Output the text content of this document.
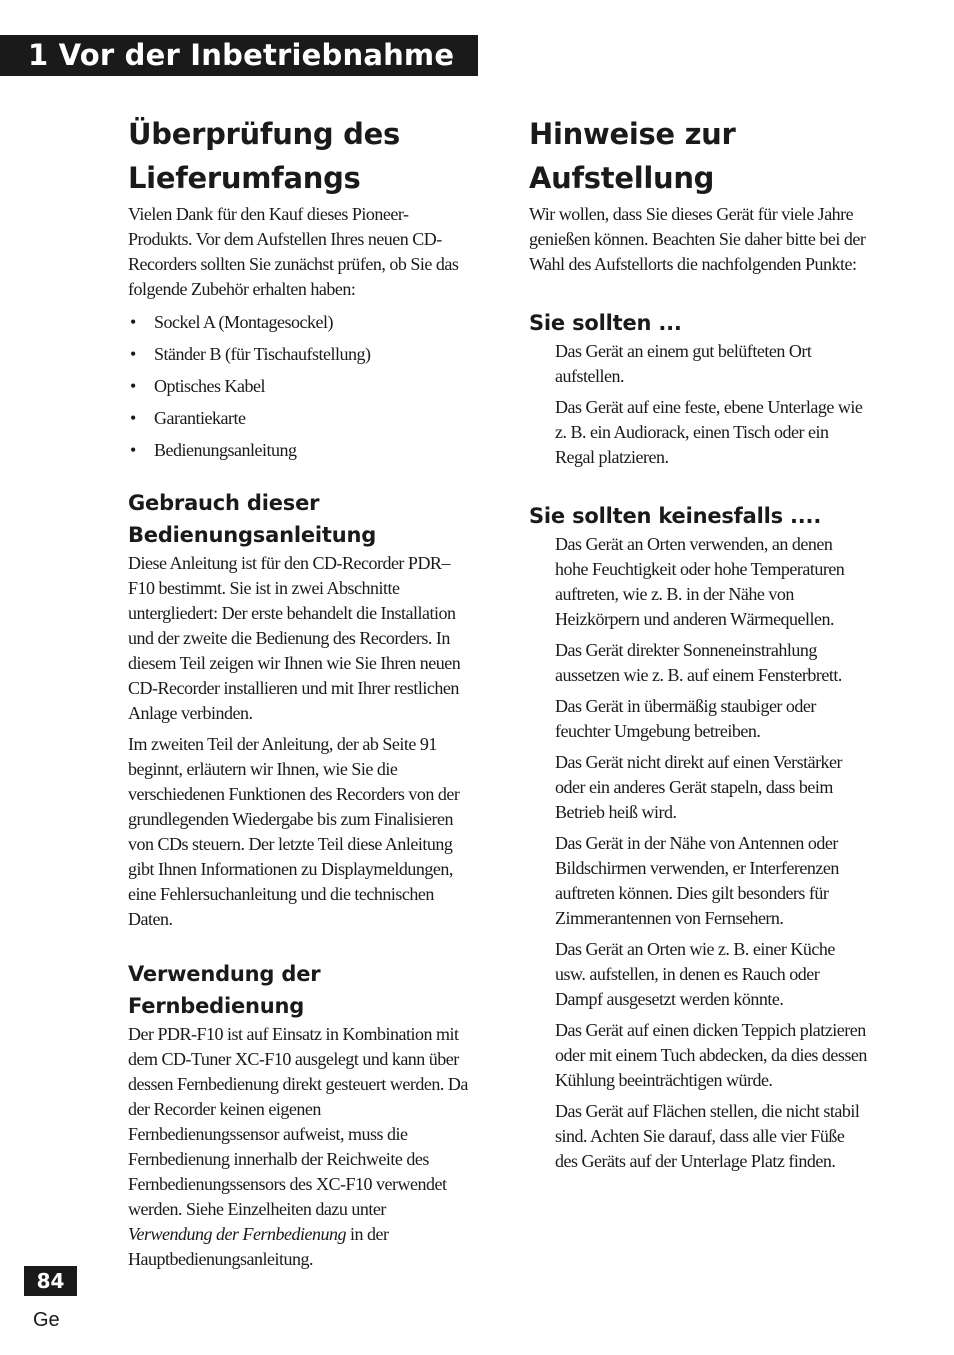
1 Vor der Inbetriebnahme
Überprüfung des
Lieferumfangs

Vielen Dank für den Kauf dieses Pioneer-Produkts. Vor dem Aufstellen Ihres neuen CD-Recorders sollten Sie zunächst prüfen, ob Sie das folgende Zubehör erhalten haben:

• Sockel A (Montagesockel)
• Ständer B (für Tischaufstellung)
• Optisches Kabel
• Garantiekarte
• Bedienungsanleitung
Gebrauch dieser
Bedienungsanleitung

Diese Anleitung ist für den CD-Recorder PDR–F10 bestimmt. Sie ist in zwei Abschnitte untergliedert: Der erste behandelt die Installation und der zweite die Bedienung des Recorders. In diesem Teil zeigen wir Ihnen wie Sie Ihren neuen CD-Recorder installieren und mit Ihrer restlichen Anlage verbinden.

Im zweiten Teil der Anleitung, der ab Seite 91 beginnt, erläutern wir Ihnen, wie Sie die verschiedenen Funktionen des Recorders von der grundlegenden Wiedergabe bis zum Finalisieren von CDs steuern. Der letzte Teil diese Anleitung gibt Ihnen Informationen zu Displaymeldungen, eine Fehlersuchanleitung und die technischen Daten.

Verwendung der
Fernbedienung

Der PDR-F10 ist auf Einsatz in Kombination mit dem CD-Tuner XC-F10 ausgelegt und kann über dessen Fernbedienung direkt gesteuert werden. Da der Recorder keinen eigenen Fernbedienungssensor aufweist, muss die Fernbedienung innerhalb der Reichweite des Fernbedienungssensors des XC-F10 verwendet werden. Siehe Einzelheiten dazu unter Verwendung der Fernbedienung in der Hauptbedienungsanleitung.

Hinweise zur
Aufstellung

Wir wollen, dass Sie dieses Gerät für viele Jahre genießen können. Beachten Sie daher bitte bei der Wahl des Aufstellorts die nachfolgenden Punkte:

Sie sollten ...

Das Gerät an einem gut belüfteten Ort aufstellen.

Das Gerät auf eine feste, ebene Unterlage wie z. B. ein Audiorack, einen Tisch oder ein Regal platzieren.

Sie sollten keinesfalls ....

Das Gerät an Orten verwenden, an denen hohe Feuchtigkeit oder hohe Temperaturen auftreten, wie z. B. in der Nähe von Heizkörpern und anderen Wärmequellen.

Das Gerät direkter Sonneneinstrahlung aussetzen wie z. B. auf einem Fensterbrett.

Das Gerät in übermäßig staubiger oder feuchter Umgebung betreiben.

Das Gerät nicht direkt auf einen Verstärker oder ein anderes Gerät stapeln, dass beim Betrieb heiß wird.

Das Gerät in der Nähe von Antennen oder Bildschirmen verwenden, er Interferenzen auftreten können. Dies gilt besonders für Zimmerantennen von Fernsehern.

Das Gerät an Orten wie z. B. einer Küche usw. aufstellen, in denen es Rauch oder Dampf ausgesetzt werden könnte.

Das Gerät auf einen dicken Teppich platzieren oder mit einem Tuch abdecken, da dies dessen Kühlung beeinträchtigen würde.

Das Gerät auf Flächen stellen, die nicht stabil sind. Achten Sie darauf, dass alle vier Füße des Geräts auf der Unterlage Platz finden.

84
Ge
